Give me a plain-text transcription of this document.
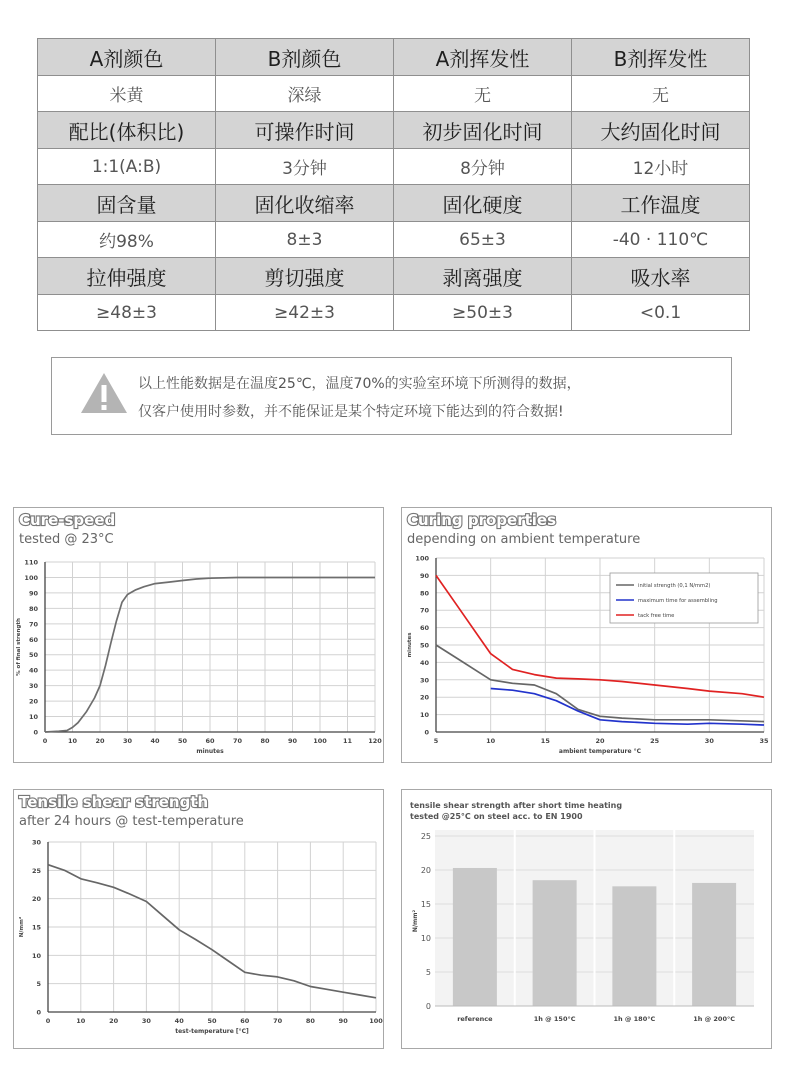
A剂颜色	B剂颜色	A剂挥发性	B剂挥发性
米黄	深绿	无	无
配比(体积比)	可操作时间	初步固化时间	大约固化时间
1:1(A:B)	3分钟	8分钟	12小时
固含量	固化收缩率	固化硬度	工作温度
约98%	8±3	65±3	-40 · 110℃
拉伸强度	剪切强度	剥离强度	吸水率
≥48±3	≥42±3	≥50±3	<0.1
以上性能数据是在温度25℃，温度70%的实验室环境下所测得的数据，
仅客户使用时参数，并不能保证是某个特定环境下能达到的符合数据!
Cure-speed
tested @ 23°C
0
10
20
30
40
50
60
70
80
90
100
110
0	10	20	30	40	50	60	70	80	90 100 11 120
minutes
% of final strength
Curing properties
depending on ambient temperature
0
10
20
30
40
50
60
70
80
90
100
5	10	15	20	25	30	35
ambient temperature °C
minutes
initial strength (0,1 N/mm2)
maximum time for assembling
tack free time
Tensile shear strength
after 24 hours @ test-temperature
0
5
10
15
20
25
30
0	10	20	30	40	50	60	70	80	90	100
test-temperature [°C]
N/mm²
tensile shear strength after short time heating
tested @25°C on steel acc. to EN 1900
0
5
10
15
20
25
reference	1h @ 150°C	1h @ 180°C	1h @ 200°C
N/mm²
